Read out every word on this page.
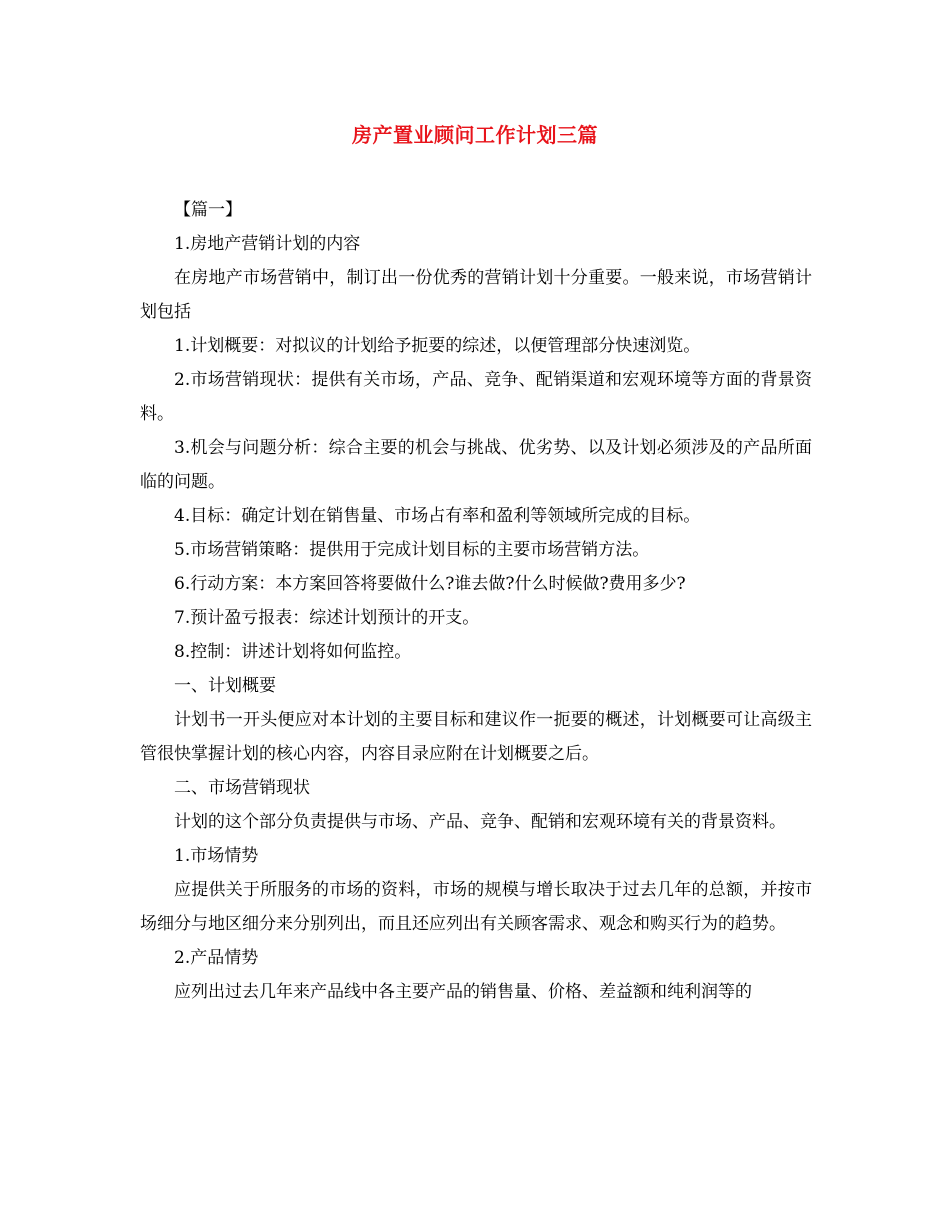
房产置业顾问工作计划三篇

【篇一】

1.房地产营销计划的内容

在房地产市场营销中，制订出一份优秀的营销计划十分重要。一般来说，市场营销计划包括

1.计划概要：对拟议的计划给予扼要的综述，以便管理部分快速浏览。

2.市场营销现状：提供有关市场，产品、竞争、配销渠道和宏观环境等方面的背景资料。

3.机会与问题分析：综合主要的机会与挑战、优劣势、以及计划必须涉及的产品所面临的问题。

4.目标：确定计划在销售量、市场占有率和盈利等领域所完成的目标。

5.市场营销策略：提供用于完成计划目标的主要市场营销方法。

6.行动方案：本方案回答将要做什么?谁去做?什么时候做?费用多少?

7.预计盈亏报表：综述计划预计的开支。

8.控制：讲述计划将如何监控。

一、计划概要

计划书一开头便应对本计划的主要目标和建议作一扼要的概述，计划概要可让高级主管很快掌握计划的核心内容，内容目录应附在计划概要之后。

二、市场营销现状

计划的这个部分负责提供与市场、产品、竞争、配销和宏观环境有关的背景资料。

1.市场情势

应提供关于所服务的市场的资料，市场的规模与增长取决于过去几年的总额，并按市场细分与地区细分来分别列出，而且还应列出有关顾客需求、观念和购买行为的趋势。

2.产品情势

应列出过去几年来产品线中各主要产品的销售量、价格、差益额和纯利润等的
